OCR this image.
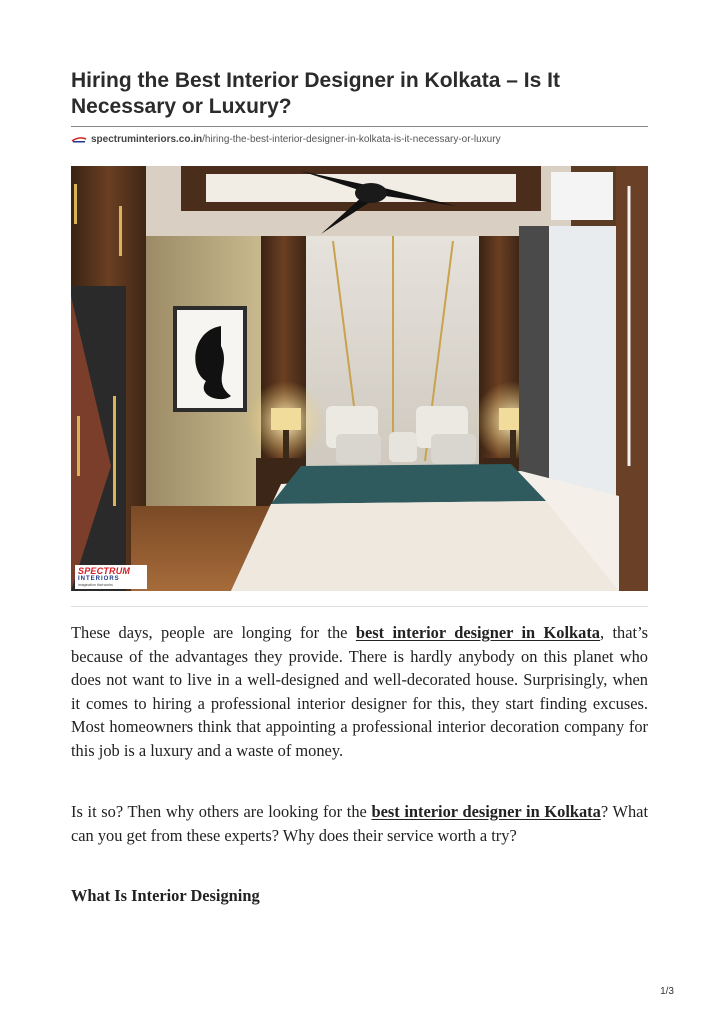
Hiring the Best Interior Designer in Kolkata – Is It Necessary or Luxury?
spectruminteriors.co.in /hiring-the-best-interior-designer-in-kolkata-is-it-necessary-or-luxury
SPECTRUM
INTERIORS
imagination that works

These days, people are longing for the best interior designer in Kolkata, that’s because of the advantages they provide. There is hardly anybody on this planet who does not want to live in a well-designed and well-decorated house. Surprisingly, when it comes to hiring a professional interior designer for this, they start finding excuses. Most homeowners think that appointing a professional interior decoration company for this job is a luxury and a waste of money.

Is it so? Then why others are looking for the best interior designer in Kolkata? What can you get from these experts? Why does their service worth a try?

What Is Interior Designing
1/3
